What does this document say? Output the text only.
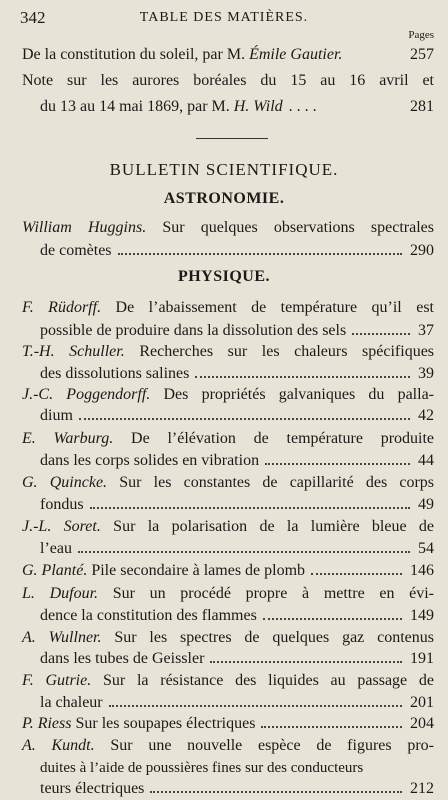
342	TABLE DES MATIÈRES.
Pages
De la constitution du soleil, par M. Émile Gautier.	257
Note sur les aurores boréales du 15 au 16 avril et
du 13 au 14 mai 1869, par M. H. Wild . . . .	281
BULLETIN SCIENTIFIQUE.
ASTRONOMIE.
William Huggins. Sur quelques observations spectrales
de comètes	290
PHYSIQUE.
F. Rüdorff. De l’abaissement de température qu’il est
possible de produire dans la dissolution des sels	37
T.-H. Schuller. Recherches sur les chaleurs spécifiques
des dissolutions salines	39
J.-C. Poggendorff. Des propriétés galvaniques du palla-
dium	42
E. Warburg. De l’élévation de température produite
dans les corps solides en vibration	44
G. Quincke. Sur les constantes de capillarité des corps
fondus	49
J.-L. Soret. Sur la polarisation de la lumière bleue de
l’eau	54
G. Planté. Pile secondaire à lames de plomb	146
L. Dufour. Sur un procédé propre à mettre en évi-
dence la constitution des flammes	149
A. Wullner. Sur les spectres de quelques gaz contenus
dans les tubes de Geissler	191
F. Gutrie. Sur la résistance des liquides au passage de
la chaleur	201
P. Riess Sur les soupapes électriques	204
A. Kundt. Sur une nouvelle espèce de figures pro-
duites à l’aide de poussières fines sur des conducteurs
teurs électriques	212
